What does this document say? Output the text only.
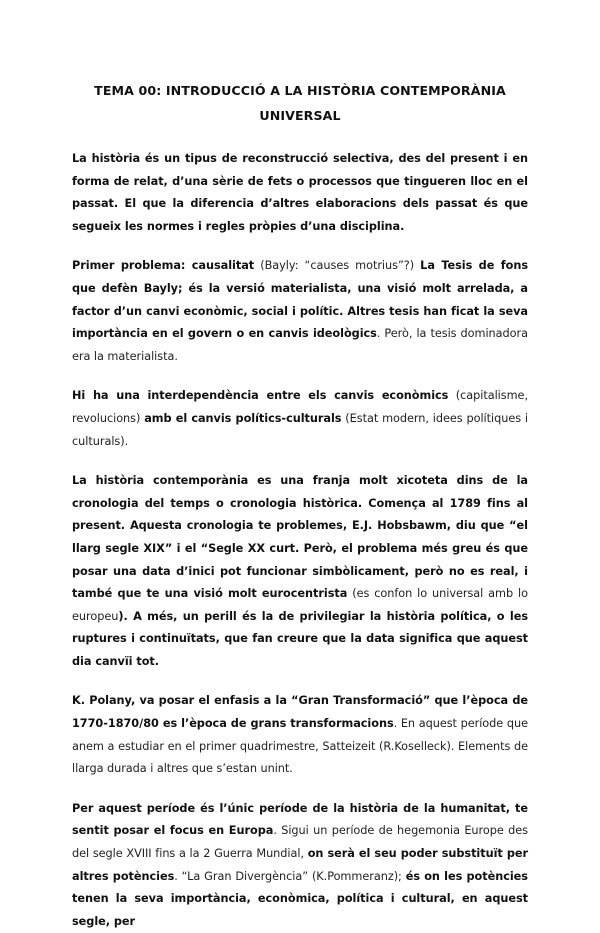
TEMA 00: INTRODUCCIÓ A LA HISTÒRIA CONTEMPORÀNIA
UNIVERSAL

La història és un tipus de reconstrucció selectiva, des del present i en forma de relat, d’una sèrie de fets o processos que tingueren lloc en el passat. El que la diferencia d’altres elaboracions dels passat és que segueix les normes i regles pròpies d’una disciplina.

Primer problema: causalitat (Bayly: “causes motrius”?) La Tesis de fons que defèn Bayly; és la versió materialista, una visió molt arrelada, a factor d’un canvi econòmic, social i polític. Altres tesis han ficat la seva importància en el govern o en canvis ideològics. Però, la tesis dominadora era la materialista.

Hi ha una interdependència entre els canvis econòmics (capitalisme, revolucions) amb el canvis polítics-culturals (Estat modern, idees polítiques i culturals).

La història contemporània es una franja molt xicoteta dins de la cronologia del temps o cronologia històrica. Comença al 1789 fins al present. Aquesta cronologia te problemes, E.J. Hobsbawm, diu que “el llarg segle XIX” i el “Segle XX curt. Però, el problema més greu és que posar una data d’inici pot funcionar simbòlicament, però no es real, i també que te una visió molt eurocentrista (es confon lo universal amb lo europeu). A més, un perill és la de privilegiar la història política, o les ruptures i continuïtats, que fan creure que la data significa que aquest dia canvïi tot.

K. Polany, va posar el enfasis a la “Gran Transformació” que l’època de 1770-1870/80 es l’època de grans transformacions. En aquest període que anem a estudiar en el primer quadrimestre, Satteizeit (R.Koselleck). Elements de llarga durada i altres que s’estan unint.

Per aquest període és l’únic període de la història de la humanitat, te sentit posar el focus en Europa. Sigui un període de hegemonia Europe des del segle XVIII fins a la 2 Guerra Mundial, on serà el seu poder substituït per altres potències. “La Gran Divergència” (K.Pommeranz); és on les potències tenen la seva importància, econòmica, política i cultural, en aquest segle, per
